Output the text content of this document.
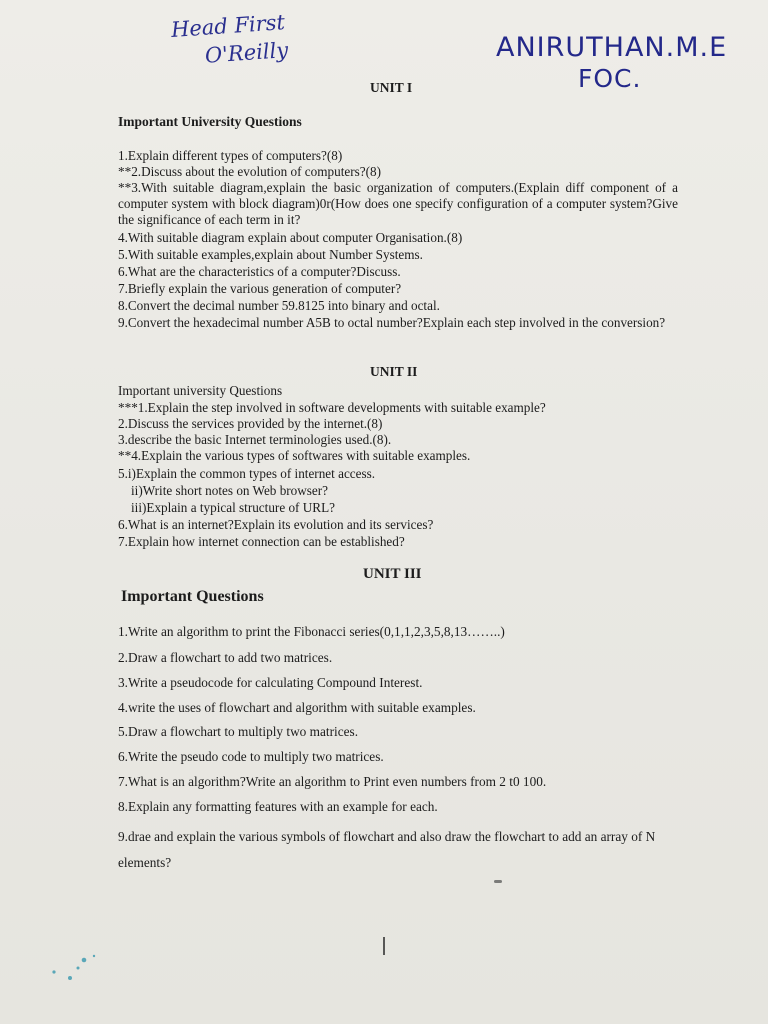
Head First
O'Reilly	ANIRUTHAN.M.E
FOC.
UNIT I
Important University Questions
1.Explain different types of computers?(8)
**2.Discuss about the evolution of computers?(8)
**3.With suitable diagram,explain the basic organization of computers.(Explain diff component of a computer system with block diagram)0r(How does one specify configuration of a computer system?Give the significance of each term in it?
4.With suitable diagram explain about computer Organisation.(8)
5.With suitable examples,explain about Number Systems.
6.What are the characteristics of a computer?Discuss.
7.Briefly explain the various generation of computer?
8.Convert the decimal number 59.8125 into binary and octal.
9.Convert the hexadecimal number A5B to octal number?Explain each step involved in the conversion?
UNIT II
Important university Questions
***1.Explain the step involved in software developments with suitable example?
2.Discuss the services provided by the internet.(8)
3.describe the basic Internet terminologies used.(8).
**4.Explain the various types of softwares with suitable examples.
5.i)Explain the common types of internet access.
ii)Write short notes on Web browser?
iii)Explain a typical structure of URL?
6.What is an internet?Explain its evolution and its services?
7.Explain how internet connection can be established?
UNIT III
Important Questions
1.Write an algorithm to print the Fibonacci series(0,1,1,2,3,5,8,13……..)
2.Draw a flowchart to add two matrices.
3.Write a pseudocode for calculating Compound Interest.
4.write the uses of flowchart and algorithm with suitable examples.
5.Draw a flowchart to multiply two matrices.
6.Write the pseudo code to multiply two matrices.
7.What is an algorithm?Write an algorithm to Print even numbers from 2 t0 100.
8.Explain any formatting features with an example for each.
9.drae and explain the various symbols of flowchart and also draw the flowchart to add an array of N elements?
